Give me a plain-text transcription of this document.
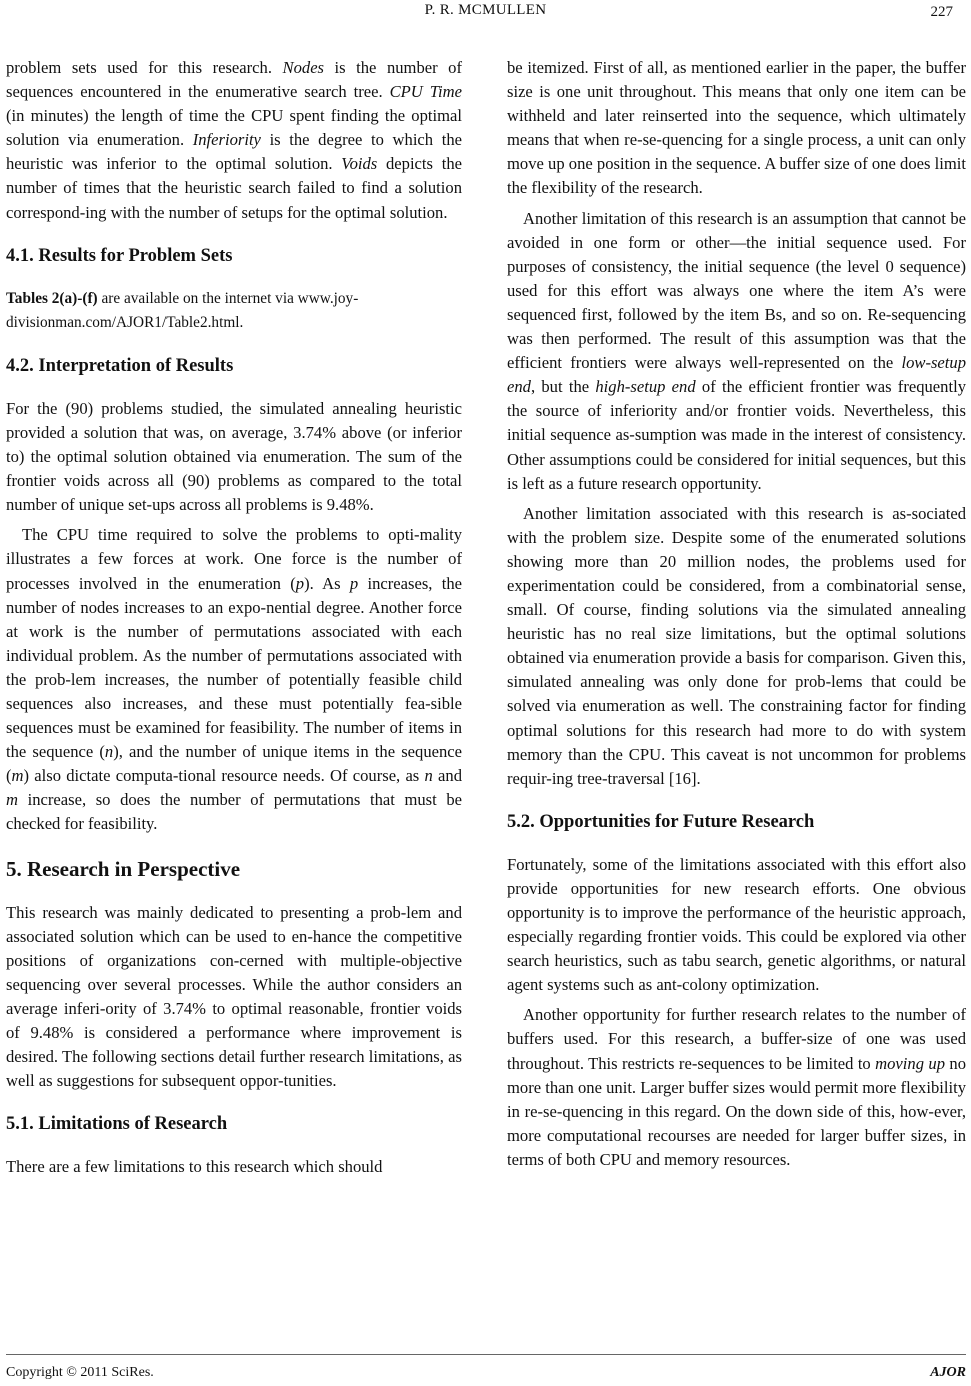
P. R. MCMULLEN	227

problem sets used for this research. Nodes is the number of sequences encountered in the enumerative search tree. CPU Time (in minutes) the length of time the CPU spent finding the optimal solution via enumeration. Inferiority is the degree to which the heuristic was inferior to the optimal solution. Voids depicts the number of times that the heuristic search failed to find a solution correspond-ing with the number of setups for the optimal solution.

4.1. Results for Problem Sets

Tables 2(a)-(f) are available on the internet via www.joy-divisionman.com/AJOR1/Table2.html.

4.2. Interpretation of Results

For the (90) problems studied, the simulated annealing heuristic provided a solution that was, on average, 3.74% above (or inferior to) the optimal solution obtained via enumeration. The sum of the frontier voids across all (90) problems as compared to the total number of unique set-ups across all problems is 9.48%.

The CPU time required to solve the problems to opti-mality illustrates a few forces at work. One force is the number of processes involved in the enumeration (p). As p increases, the number of nodes increases to an expo-nential degree. Another force at work is the number of permutations associated with each individual problem. As the number of permutations associated with the prob-lem increases, the number of potentially feasible child sequences also increases, and these must potentially fea-sible sequences must be examined for feasibility. The number of items in the sequence (n), and the number of unique items in the sequence (m) also dictate computa-tional resource needs. Of course, as n and m increase, so does the number of permutations that must be checked for feasibility.

5. Research in Perspective

This research was mainly dedicated to presenting a prob-lem and associated solution which can be used to en-hance the competitive positions of organizations con-cerned with multiple-objective sequencing over several processes. While the author considers an average inferi-ority of 3.74% to optimal reasonable, frontier voids of 9.48% is considered a performance where improvement is desired. The following sections detail further research limitations, as well as suggestions for subsequent oppor-tunities.

5.1. Limitations of Research

There are a few limitations to this research which should

be itemized. First of all, as mentioned earlier in the paper, the buffer size is one unit throughout. This means that only one item can be withheld and later reinserted into the sequence, which ultimately means that when re-se-quencing for a single process, a unit can only move up one position in the sequence. A buffer size of one does limit the flexibility of the research.

Another limitation of this research is an assumption that cannot be avoided in one form or other—the initial sequence used. For purposes of consistency, the initial sequence (the level 0 sequence) used for this effort was always one where the item A’s were sequenced first, followed by the item Bs, and so on. Re-sequencing was then performed. The result of this assumption was that the efficient frontiers were always well-represented on the low-setup end, but the high-setup end of the efficient frontier was frequently the source of inferiority and/or frontier voids. Nevertheless, this initial sequence as-sumption was made in the interest of consistency. Other assumptions could be considered for initial sequences, but this is left as a future research opportunity.

Another limitation associated with this research is as-sociated with the problem size. Despite some of the enumerated solutions showing more than 20 million nodes, the problems used for experimentation could be considered, from a combinatorial sense, small. Of course, finding solutions via the simulated annealing heuristic has no real size limitations, but the optimal solutions obtained via enumeration provide a basis for comparison. Given this, simulated annealing was only done for prob-lems that could be solved via enumeration as well. The constraining factor for finding optimal solutions for this research had more to do with system memory than the CPU. This caveat is not uncommon for problems requir-ing tree-traversal [16].

5.2. Opportunities for Future Research

Fortunately, some of the limitations associated with this effort also provide opportunities for new research efforts. One obvious opportunity is to improve the performance of the heuristic approach, especially regarding frontier voids. This could be explored via other search heuristics, such as tabu search, genetic algorithms, or natural agent systems such as ant-colony optimization.

Another opportunity for further research relates to the number of buffers used. For this research, a buffer-size of one was used throughout. This restricts re-sequences to be limited to moving up no more than one unit. Larger buffer sizes would permit more flexibility in re-se-quencing in this regard. On the down side of this, how-ever, more computational recourses are needed for larger buffer sizes, in terms of both CPU and memory resources.

Copyright © 2011 SciRes.	AJOR
